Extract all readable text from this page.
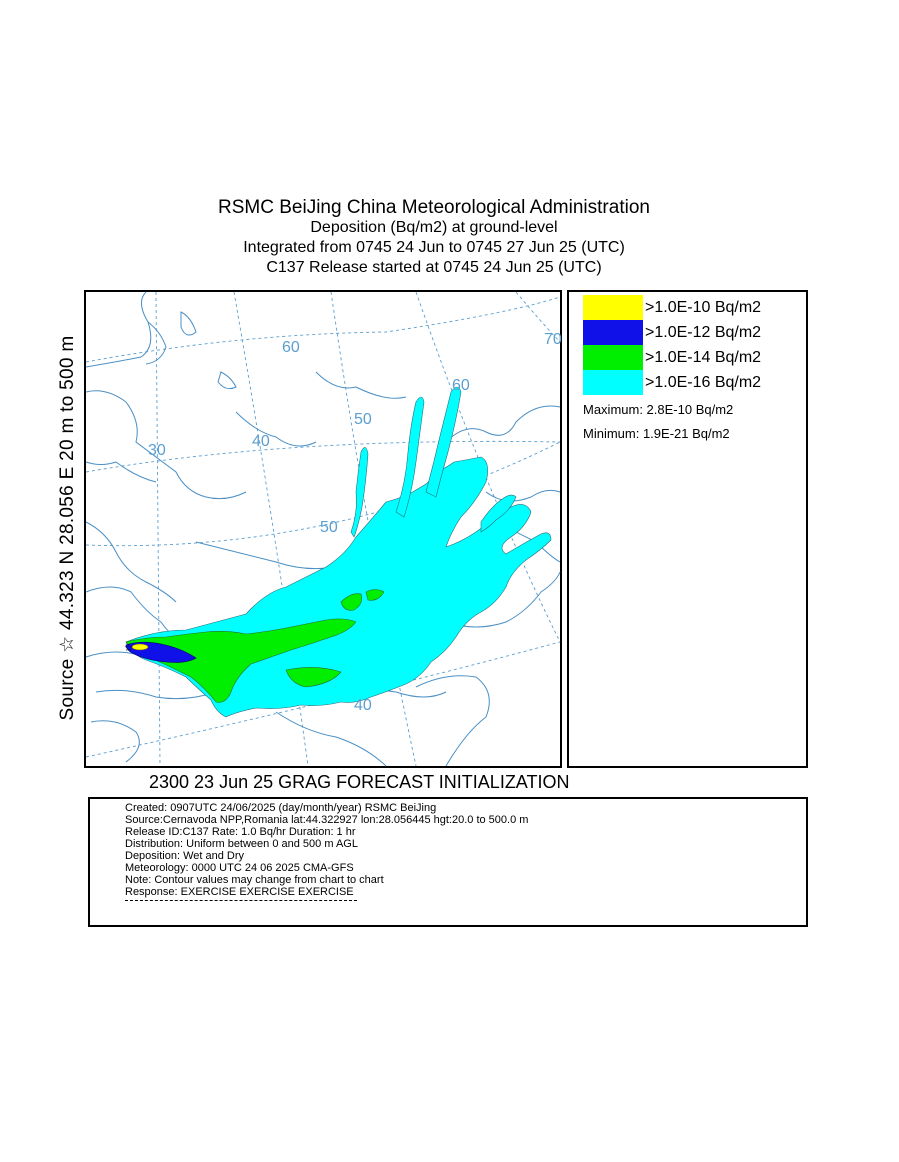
RSMC BeiJing China Meteorological Administration
Deposition (Bq/m2) at ground-level
Integrated from 0745 24 Jun to 0745 27 Jun 25 (UTC)
C137 Release started at 0745 24 Jun 25 (UTC)
Source ☆ 44.323 N 28.056 E 20 m to 500 m	☆
60	70
60
40
50
30
50
40
>1.0E-10 Bq/m2
>1.0E-12 Bq/m2
>1.0E-14 Bq/m2
>1.0E-16 Bq/m2
Maximum: 2.8E-10 Bq/m2
Minimum: 1.9E-21 Bq/m2
2300 23 Jun 25 GRAG FORECAST INITIALIZATION
Created: 0907UTC 24/06/2025 (day/month/year) RSMC BeiJing
Source:Cernavoda NPP,Romania lat:44.322927 lon:28.056445 hgt:20.0 to 500.0 m
Release ID:C137 Rate: 1.0 Bq/hr Duration: 1 hr
Distribution: Uniform between 0 and 500 m AGL
Deposition: Wet and Dry
Meteorology: 0000 UTC 24 06 2025 CMA-GFS
Note: Contour values may change from chart to chart
Response: EXERCISE EXERCISE EXERCISE
